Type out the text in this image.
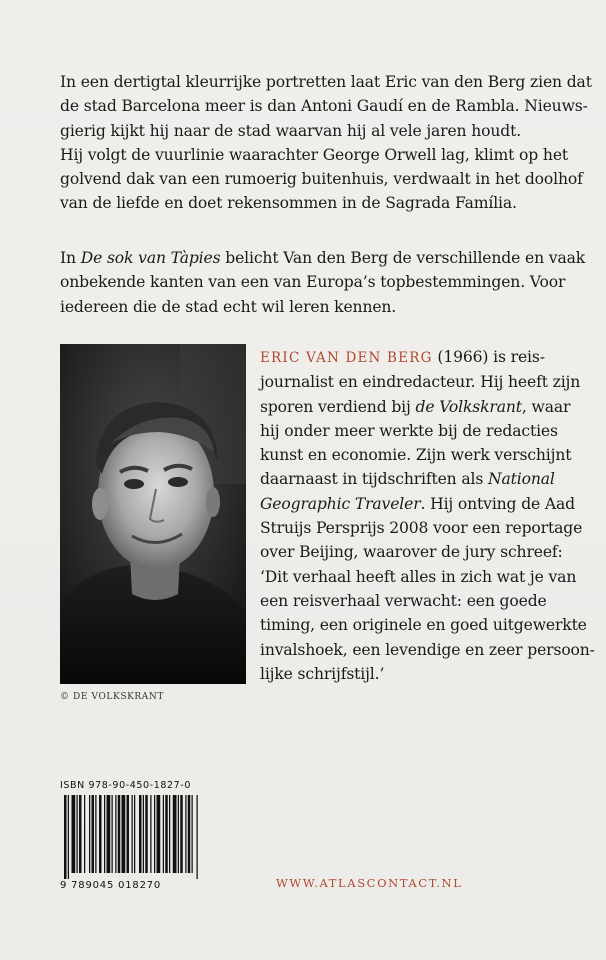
In een dertigtal kleurrijke portretten laat Eric van den Berg zien dat
de stad Barcelona meer is dan Antoni Gaudí en de Rambla. Nieuws-
gierig kijkt hij naar de stad waarvan hij al vele jaren houdt.
Hij volgt de vuurlinie waarachter George Orwell lag, klimt op het
golvend dak van een rumoerig buitenhuis, verdwaalt in het doolhof
van de liefde en doet rekensommen in de Sagrada Família.

In De sok van Tàpies belicht Van den Berg de verschillende en vaak
onbekende kanten van een van Europa’s topbestemmingen. Voor
iedereen die de stad echt wil leren kennen.

© DE VOLKSKRANT

ERIC VAN DEN BERG (1966) is reis-
journalist en eindredacteur. Hij heeft zijn
sporen verdiend bij de Volkskrant, waar
hij onder meer werkte bij de redacties
kunst en economie. Zijn werk verschijnt
daarnaast in tijdschriften als National
Geographic Traveler. Hij ontving de Aad
Struijs Persprijs 2008 voor een reportage
over Beijing, waarover de jury schreef:
‘Dit verhaal heeft alles in zich wat je van
een reisverhaal verwacht: een goede
timing, een originele en goed uitgewerkte
invalshoek, een levendige en zeer persoon-
lijke schrijfstijl.’

ISBN 978-90-450-1827-0
9 789045 018270	WWW.ATLASCONTACT.NL
